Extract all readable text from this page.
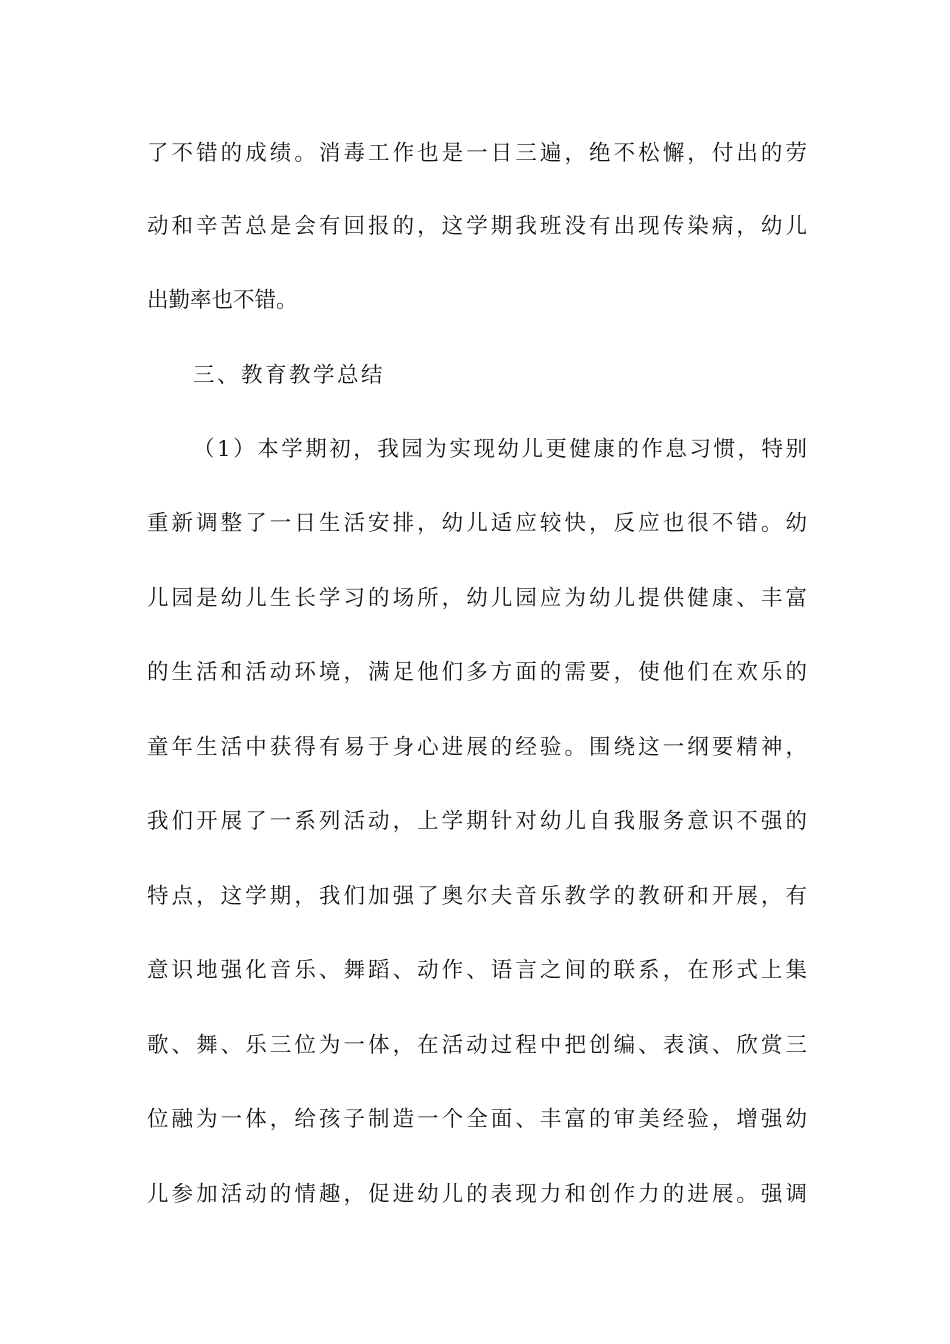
了不错的成绩。消毒工作也是一日三遍，绝不松懈，付出的劳
动和辛苦总是会有回报的，这学期我班没有出现传染病，幼儿
出勤率也不错。
三、教育教学总结
（1）本学期初，我园为实现幼儿更健康的作息习惯，特别
重新调整了一日生活安排，幼儿适应较快，反应也很不错。幼
儿园是幼儿生长学习的场所，幼儿园应为幼儿提供健康、丰富
的生活和活动环境，满足他们多方面的需要，使他们在欢乐的
童年生活中获得有易于身心进展的经验。围绕这一纲要精神，
我们开展了一系列活动，上学期针对幼儿自我服务意识不强的
特点，这学期，我们加强了奥尔夫音乐教学的教研和开展，有
意识地强化音乐、舞蹈、动作、语言之间的联系，在形式上集
歌、舞、乐三位为一体，在活动过程中把创编、表演、欣赏三
位融为一体，给孩子制造一个全面、丰富的审美经验，增强幼
儿参加活动的情趣，促进幼儿的表现力和创作力的进展。强调
